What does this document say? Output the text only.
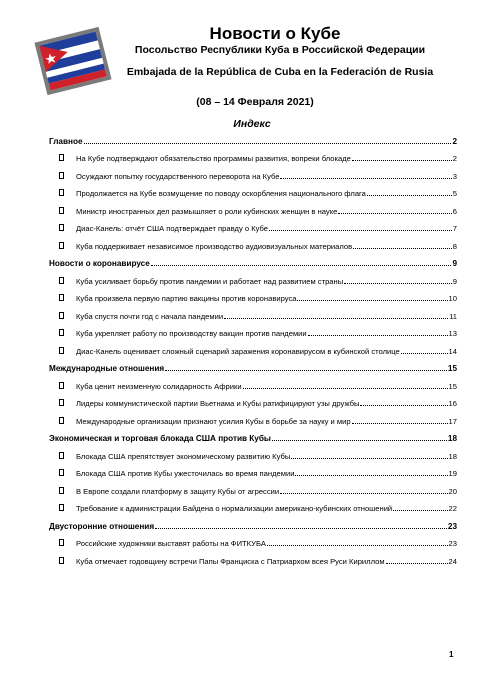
Новости о Кубе
Посольство Республики Куба в Российской Федерации
Embajada de la República de Cuba en la Federación de Rusia
(08 – 14 Февраля 2021)
Индекс
Главное	2
На Кубе подтверждают обязательство программы развития, вопреки блокаде	2
Осуждают попытку государственного переворота на Кубе	3
Продолжается на Кубе возмущение по поводу оскорбления национального флага	5
Министр иностранных дел размышляет о роли кубинских женщин в науке	6
Диас-Канель: отчёт США подтверждает правду о Кубе	7
Куба поддерживает независимое производство аудиовизуальных материалов	8
Новости о коронавирусе	9
Куба усиливает борьбу против пандемии и работает над развитием страны	9
Куба произвела первую партию вакцины против коронавируса	10
Куба спустя почти год с начала пандемии	11
Куба укрепляет работу по производству вакцин против пандемии	13
Диас-Канель оценивает сложный сценарий заражения коронавирусом в кубинской столице	14
Международные отношения	15
Куба ценит неизменную солидарность Африки	15
Лидеры коммунистической партии Вьетнама и Кубы ратифицируют узы дружбы	16
Международные организации признают усилия Кубы в борьбе за науку и мир	17
Экономическая и торговая блокада США против Кубы	18
Блокада США препятствует экономическому развитию Кубы	18
Блокада США против Кубы ужесточилась во время пандемии	19
В Европе создали платформу в защиту Кубы от агрессии	20
Требование к администрации Байдена о нормализации американо-кубинских отношений	22
Двусторонние отношения	23
Российские художники выставят работы на ФИТКУБА	23
Куба отмечает годовщину встречи Папы Франциска с Патриархом всея Руси Кириллом	24
1
